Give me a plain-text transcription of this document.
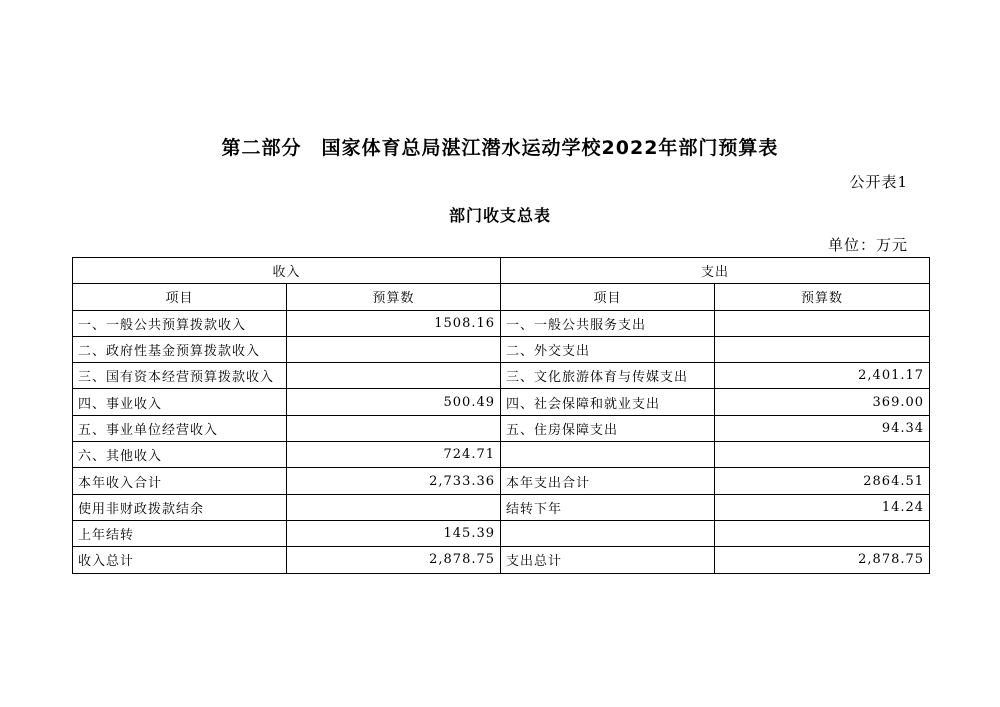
第二部分　国家体育总局湛江潜水运动学校2022年部门预算表
公开表1
部门收支总表
单位：万元
收入		支出	
项目	预算数	项目	预算数
一、一般公共预算拨款收入	1508.16	一、一般公共服务支出	
二、政府性基金预算拨款收入		二、外交支出	
三、国有资本经营预算拨款收入		三、文化旅游体育与传媒支出	2,401.17
四、事业收入	500.49	四、社会保障和就业支出	369.00
五、事业单位经营收入		五、住房保障支出	94.34
六、其他收入	724.71		
本年收入合计	2,733.36	本年支出合计	2864.51
使用非财政拨款结余		结转下年	14.24
上年结转	145.39		
收入总计	2,878.75	支出总计	2,878.75
